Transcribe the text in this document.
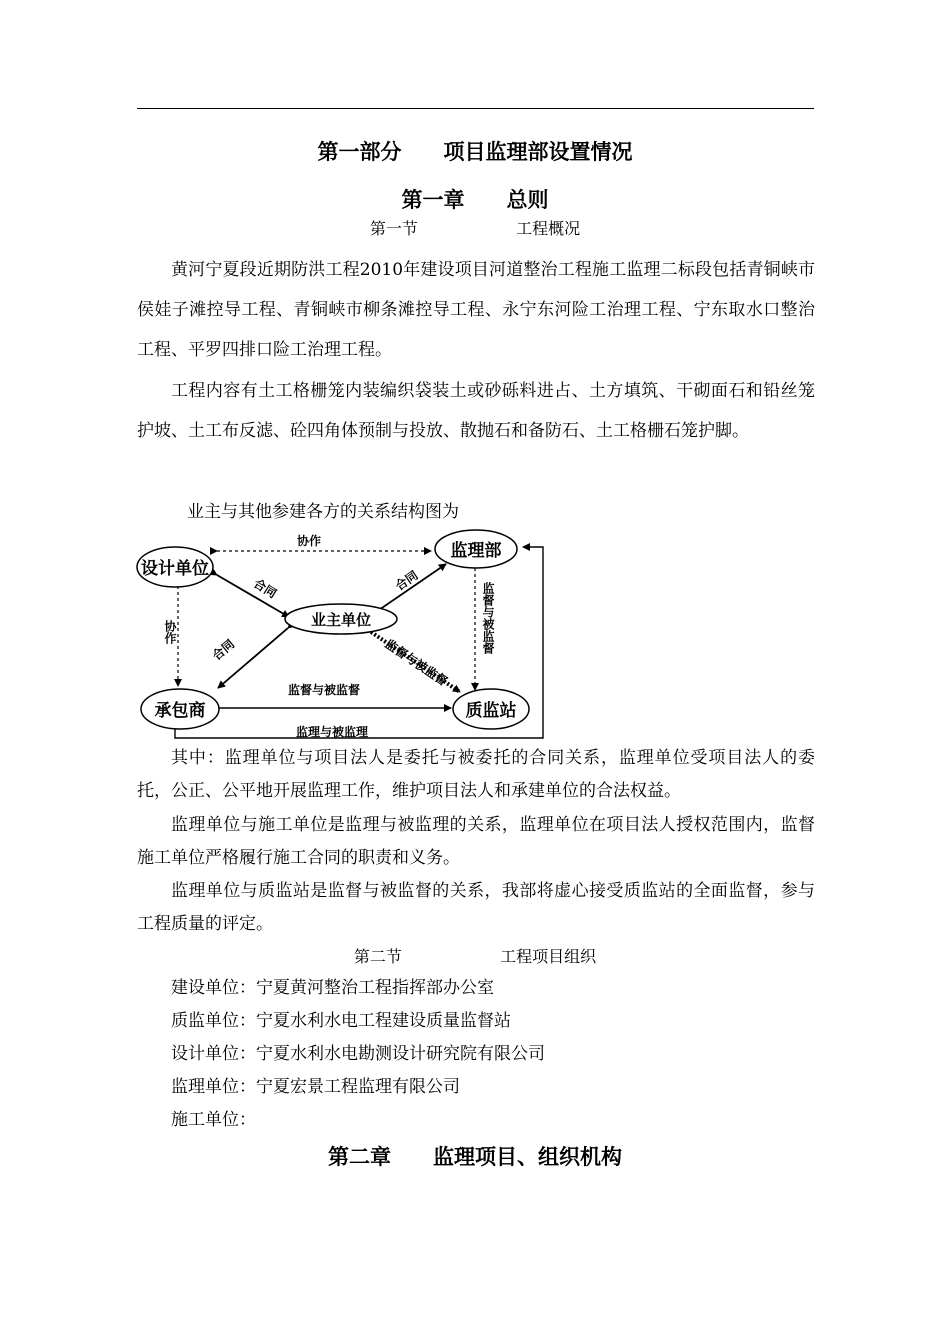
第一部分　　项目监理部设置情况
第一章　　总则
第一节	工程概况

黄河宁夏段近期防洪工程2010年建设项目河道整治工程施工监理二标段包括青铜峡市侯娃子滩控导工程、青铜峡市柳条滩控导工程、永宁东河险工治理工程、宁东取水口整治工程、平罗四排口险工治理工程。

工程内容有土工格栅笼内装编织袋装土或砂砾料进占、土方填筑、干砌面石和铅丝笼护坡、土工布反滤、砼四角体预制与投放、散抛石和备防石、土工格栅石笼护脚。

业主与其他参建各方的关系结构图为
设计单位
监理部
业主单位
承包商	质监站
协作
合同	合同
协作
合同	监督与被监督
监督与被监督
监督与被监督
监理与被监理

其中：监理单位与项目法人是委托与被委托的合同关系，监理单位受项目法人的委托，公正、公平地开展监理工作，维护项目法人和承建单位的合法权益。

监理单位与施工单位是监理与被监理的关系，监理单位在项目法人授权范围内，监督施工单位严格履行施工合同的职责和义务。

监理单位与质监站是监督与被监督的关系，我部将虚心接受质监站的全面监督，参与工程质量的评定。

第二节	工程项目组织
建设单位：宁夏黄河整治工程指挥部办公室
质监单位：宁夏水利水电工程建设质量监督站
设计单位：宁夏水利水电勘测设计研究院有限公司
监理单位：宁夏宏景工程监理有限公司
施工单位：
第二章　　监理项目、组织机构
